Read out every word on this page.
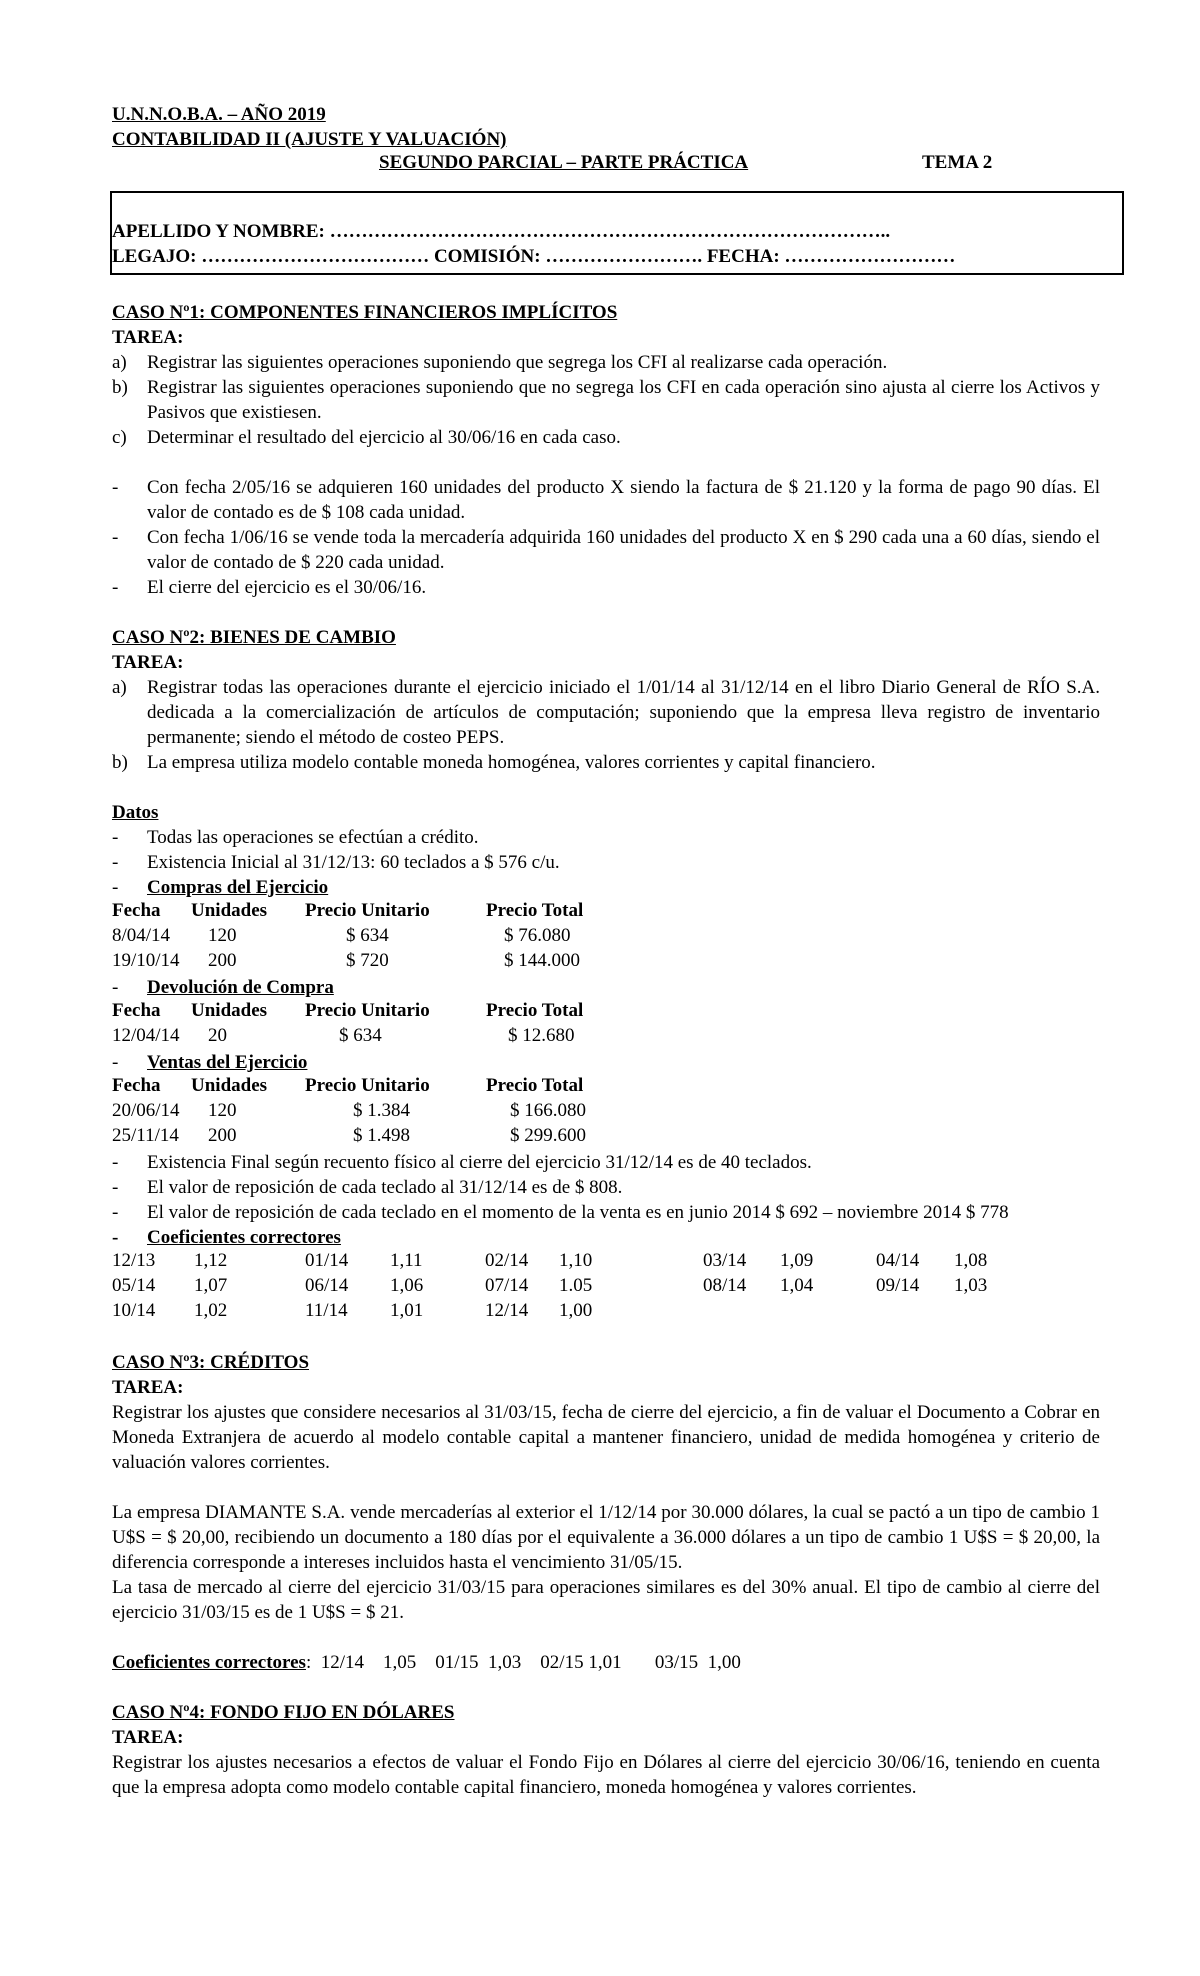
U.N.N.O.B.A. – AÑO 2019
CONTABILIDAD II (AJUSTE Y VALUACIÓN)
SEGUNDO PARCIAL – PARTE PRÁCTICA	TEMA 2
APELLIDO Y NOMBRE: ……………………………………………………………………………..
LEGAJO: ……………………………… COMISIÓN: ……………………. FECHA: ………………………
CASO Nº1: COMPONENTES FINANCIEROS IMPLÍCITOS
TAREA:
a)	Registrar las siguientes operaciones suponiendo que segrega los CFI al realizarse cada operación.
b)	Registrar las siguientes operaciones suponiendo que no segrega los CFI en cada operación sino ajusta al cierre los Activos y Pasivos que existiesen.
c)	Determinar el resultado del ejercicio al 30/06/16 en cada caso.
-	Con fecha 2/05/16 se adquieren 160 unidades del producto X siendo la factura de $ 21.120 y la forma de pago 90 días. El valor de contado es de $ 108 cada unidad.
-	Con fecha 1/06/16 se vende toda la mercadería adquirida 160 unidades del producto X en $ 290 cada una a 60 días, siendo el valor de contado de $ 220 cada unidad.
-	El cierre del ejercicio es el 30/06/16.
CASO Nº2: BIENES DE CAMBIO
TAREA:
a)	Registrar todas las operaciones durante el ejercicio iniciado el 1/01/14 al 31/12/14 en el libro Diario General de RÍO S.A. dedicada a la comercialización de artículos de computación; suponiendo que la empresa lleva registro de inventario permanente; siendo el método de costeo PEPS.
b)	La empresa utiliza modelo contable moneda homogénea, valores corrientes y capital financiero.
Datos
-	Todas las operaciones se efectúan a crédito.
-	Existencia Inicial al 31/12/13: 60 teclados a $ 576 c/u.
-	Compras del Ejercicio
Fecha Unidades Precio Unitario	Precio Total
8/04/14 120	$ 634	$ 76.080
19/10/14 200	$ 720	$ 144.000
-	Devolución de Compra
Fecha Unidades Precio Unitario	Precio Total
12/04/14 20	$ 634	$ 12.680
-	Ventas del Ejercicio
Fecha Unidades Precio Unitario	Precio Total
20/06/14 120	$ 1.384	$ 166.080
25/11/14 200	$ 1.498	$ 299.600
-	Existencia Final según recuento físico al cierre del ejercicio 31/12/14 es de 40 teclados.
-	El valor de reposición de cada teclado al 31/12/14 es de $ 808.
-	El valor de reposición de cada teclado en el momento de la venta es en junio 2014 $ 692 – noviembre 2014 $ 778
-	Coeficientes correctores
12/13 1,12	01/14 1,11	02/14 1,10	03/14 1,09	04/14 1,08
05/14 1,07	06/14 1,06	07/14 1.05	08/14 1,04	09/14 1,03
10/14 1,02	11/14 1,01	12/14 1,00
CASO Nº3: CRÉDITOS
TAREA:
Registrar los ajustes que considere necesarios al 31/03/15, fecha de cierre del ejercicio, a fin de valuar el Documento a Cobrar en Moneda Extranjera de acuerdo al modelo contable capital a mantener financiero, unidad de medida homogénea y criterio de valuación valores corrientes.
La empresa DIAMANTE S.A. vende mercaderías al exterior el 1/12/14 por 30.000 dólares, la cual se pactó a un tipo de cambio 1 U$S = $ 20,00, recibiendo un documento a 180 días por el equivalente a 36.000 dólares a un tipo de cambio 1 U$S = $ 20,00, la diferencia corresponde a intereses incluidos hasta el vencimiento 31/05/15.
La tasa de mercado al cierre del ejercicio 31/03/15 para operaciones similares es del 30% anual. El tipo de cambio al cierre del ejercicio 31/03/15 es de 1 U$S = $ 21.
Coeficientes correctores:  12/14    1,05    01/15  1,03    02/15 1,01       03/15  1,00
CASO Nº4: FONDO FIJO EN DÓLARES
TAREA:
Registrar los ajustes necesarios a efectos de valuar el Fondo Fijo en Dólares al cierre del ejercicio 30/06/16, teniendo en cuenta que la empresa adopta como modelo contable capital financiero, moneda homogénea y valores corrientes.
